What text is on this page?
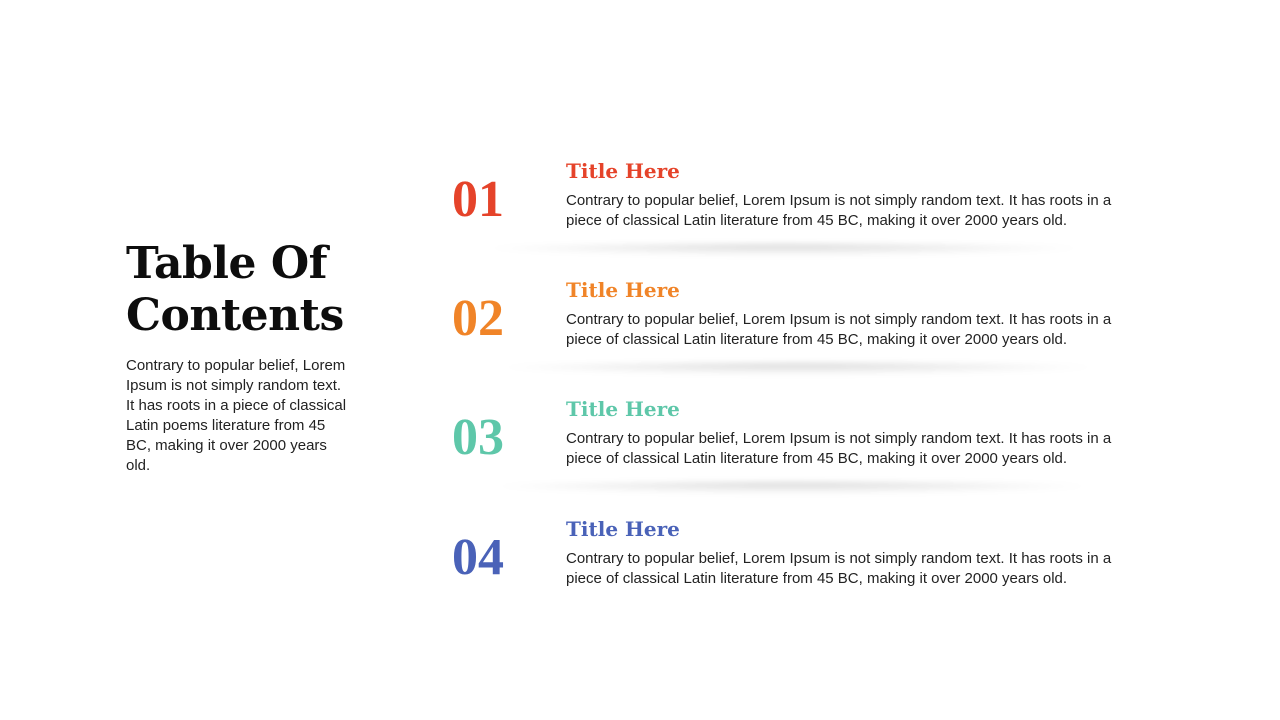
Table Of
Contents
Contrary to popular belief, Lorem Ipsum is not simply random text. It has roots in a piece of classical Latin poems literature from 45 BC, making it over 2000 years old.
01	Title Here
Contrary to popular belief, Lorem Ipsum is not simply random text. It has roots in a piece of classical Latin literature from 45 BC, making it over 2000 years old.
02	Title Here
Contrary to popular belief, Lorem Ipsum is not simply random text. It has roots in a piece of classical Latin literature from 45 BC, making it over 2000 years old.
03	Title Here
Contrary to popular belief, Lorem Ipsum is not simply random text. It has roots in a piece of classical Latin literature from 45 BC, making it over 2000 years old.
04	Title Here
Contrary to popular belief, Lorem Ipsum is not simply random text. It has roots in a piece of classical Latin literature from 45 BC, making it over 2000 years old.
